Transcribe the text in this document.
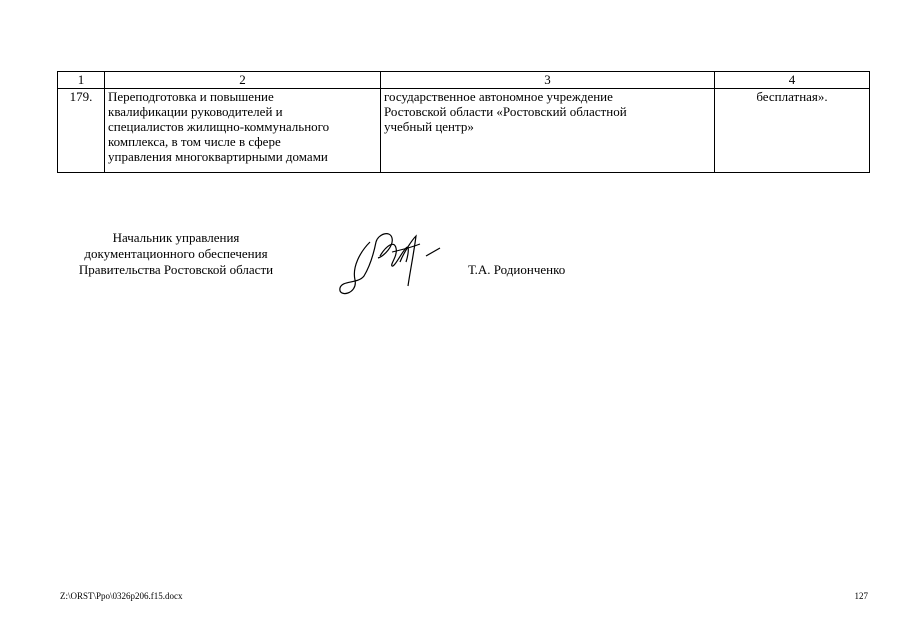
1	2	3	4
179.	Переподготовка и повышение
квалификации руководителей и
специалистов жилищно-коммунального
комплекса, в том числе в сфере
управления многоквартирными домами	государственное автономное учреждение
Ростовской области «Ростовский областной
учебный центр»	бесплатная».
Начальник управления
документационного обеспечения
Правительства Ростовской области	Т.А. Родионченко
Z:\ORST\Ppo\0326p206.f15.docx	127
